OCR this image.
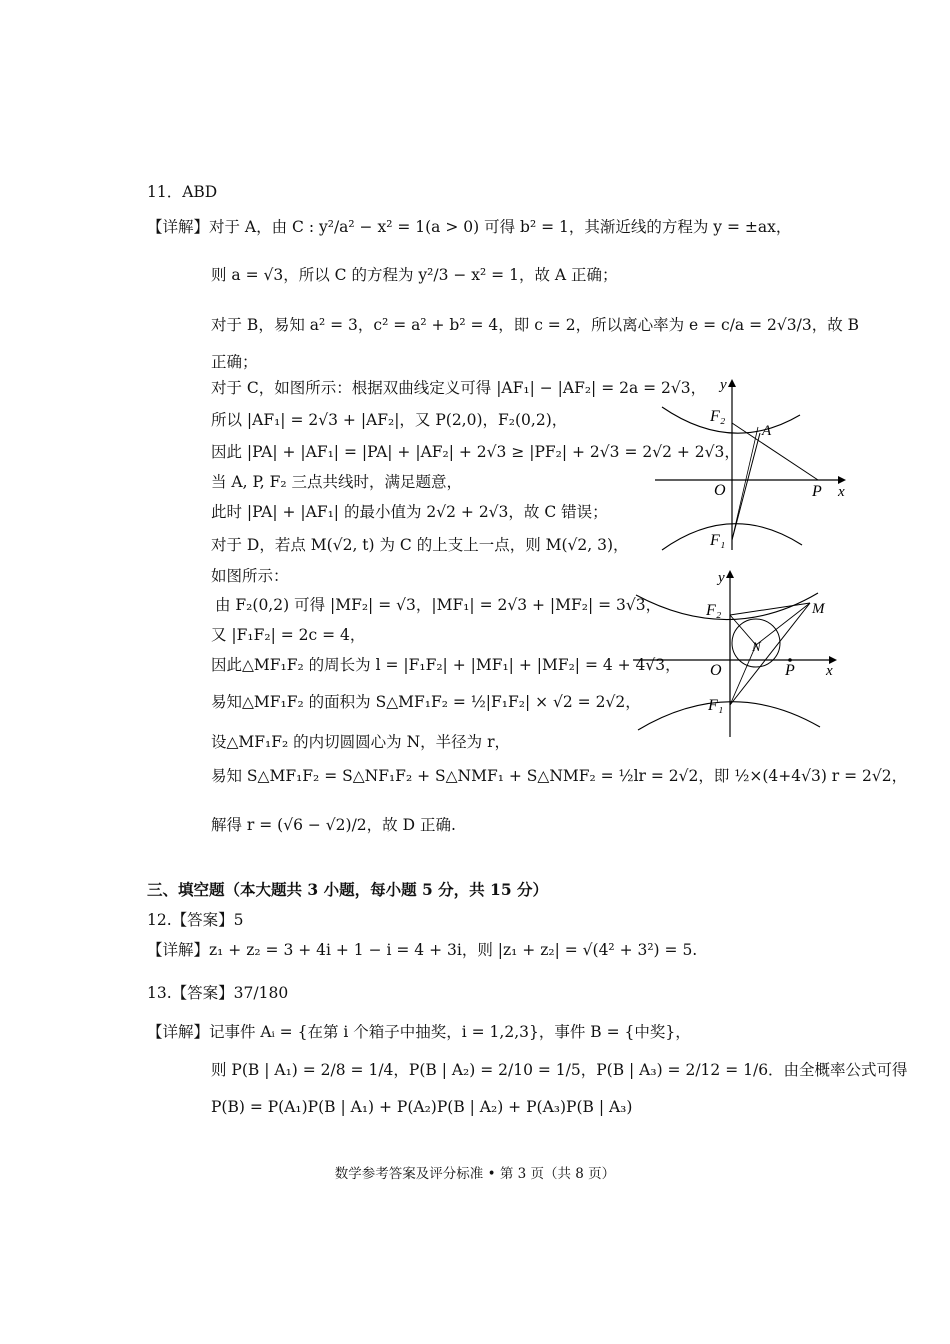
11．ABD
【详解】对于 A，由 C : y²/a² − x² = 1(a > 0) 可得 b² = 1，其渐近线的方程为 y = ±ax，
则 a = √3，所以 C 的方程为 y²/3 − x² = 1，故 A 正确；
对于 B，易知 a² = 3，c² = a² + b² = 4，即 c = 2，所以离心率为 e = c/a = 2√3/3，故 B
正确；
对于 C，如图所示：根据双曲线定义可得 |AF₁| − |AF₂| = 2a = 2√3，
所以 |AF₁| = 2√3 + |AF₂|，又 P(2,0)，F₂(0,2)，
因此 |PA| + |AF₁| = |PA| + |AF₂| + 2√3 ≥ |PF₂| + 2√3 = 2√2 + 2√3，
当 A, P, F₂ 三点共线时，满足题意，
此时 |PA| + |AF₁| 的最小值为 2√2 + 2√3，故 C 错误；
对于 D，若点 M(√2, t) 为 C 的上支上一点，则 M(√2, 3)，
如图所示：
由 F₂(0,2) 可得 |MF₂| = √3，|MF₁| = 2√3 + |MF₂| = 3√3，
又 |F₁F₂| = 2c = 4，
因此△MF₁F₂ 的周长为 l = |F₁F₂| + |MF₁| + |MF₂| = 4 + 4√3，
易知△MF₁F₂ 的面积为 S△MF₁F₂ = ½|F₁F₂| × √2 = 2√2，
设△MF₁F₂ 的内切圆圆心为 N，半径为 r，
易知 S△MF₁F₂ = S△NF₁F₂ + S△NMF₁ + S△NMF₂ = ½lr = 2√2，即 ½×(4+4√3) r = 2√2，
解得 r = (√6 − √2)/2，故 D 正确.
y
F₂
A
O	P x
F₁
y
F₂	M
N
O	P x
F₁
三、填空题（本大题共 3 小题，每小题 5 分，共 15 分）
12.【答案】5
【详解】z₁ + z₂ = 3 + 4i + 1 − i = 4 + 3i，则 |z₁ + z₂| = √(4² + 3²) = 5.
13.【答案】37/180
【详解】记事件 Aᵢ = {在第 i 个箱子中抽奖，i = 1,2,3}，事件 B = {中奖}，
则 P(B | A₁) = 2/8 = 1/4，P(B | A₂) = 2/10 = 1/5，P(B | A₃) = 2/12 = 1/6．由全概率公式可得
P(B) = P(A₁)P(B | A₁) + P(A₂)P(B | A₂) + P(A₃)P(B | A₃)
数学参考答案及评分标准 • 第 3 页（共 8 页）
